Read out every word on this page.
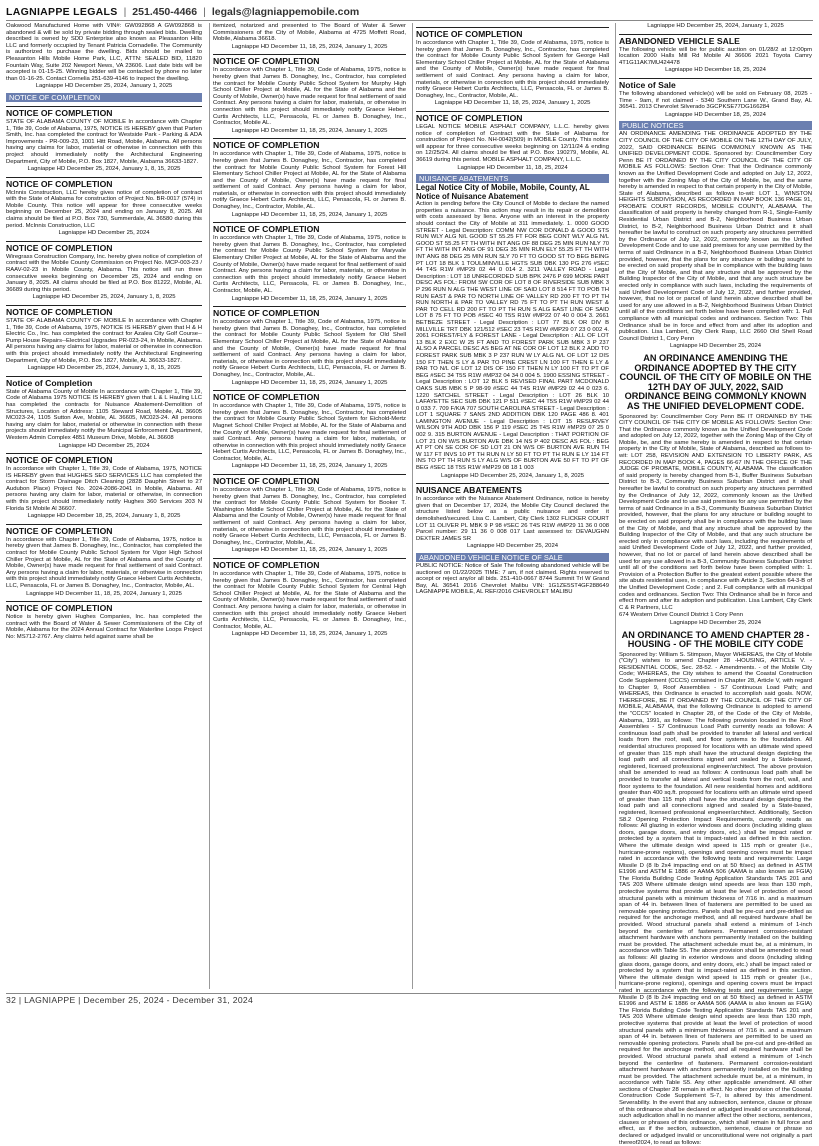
LAGNIAPPE LEGALS | 251.450-4466 | legals@lagniappemobile.com

Oakwood Manufactured Home with VIN#: GW092868 A GW092868 is abandoned & will be sold by private bidding through sealed bids. Dwelling described is owned by SDD Enterprise also known as Pleasanton Hills LLC and formerly occupied by Tenant Patricia Cornadelle. The Community is authorized to purchase the dwelling. Bids should be mailed to Pleasanton Hills Mobile Home Park, LLC, ATTN: SEALED BID, 11820 Fountain Way, Suite 202 Newport News, VA 23606. Last date bids will be accepted is 01-15-25. Winning bidder will be contacted by phone no later than 01-16-25. Contact Cornelia 251-639-4146 to inspect the dwelling.

Lagniappe HD December 25, 2024, January 1, 2025

NOTICE OF COMPLETION
NOTICE OF COMPLETION

STATE OF ALABAMA COUNTY OF MOBILE In accordance with Chapter 1, Title 39, Code of Alabama, 1975, NOTICE IS HEREBY given that Parten Smith, Inc. has completed the contract for Westside Park - Parking & ADA Improvements - PR-009-23, 1001 Hitt Road, Mobile, Alabama. All persons having any claims for labor, material or otherwise in connection with this project should immediately notify the Architectural Engineering Department, City of Mobile, P.O. Box 1827, Mobile, Alabama 36633-1827.

Lagniappe HD December 25, 2024, January 1, 8, 15, 2025

NOTICE OF COMPLETION

McInnis Construction, LLC hereby gives notice of completion of contract with the State of Alabama for construction of Project No. BR-0017 (574) in Mobile County. This notice will appear for three consecutive weeks beginning on December 25, 2024 and ending on January 8, 2025. All claims should be filed at P.O. Box 730, Summerdale, AL 36580 during this period. McInnis Construction, LLC

Lagniappe HD December 25, 2024

NOTICE OF COMPLETION

Wiregrass Construction Company, Inc. hereby gives notice of completion of contract with the Mobile County Commission on Project No. MCP-003-23 / RAAV-02-23 in Mobile County, Alabama. This notice will run three consecutive weeks beginning on December 25, 2024 and ending on January 8, 2025. All claims should be filed at P.O. Box 81222, Mobile, AL 36689 during this period.

Lagniappe HD December 25, 2024, January 1, 8, 2025

NOTICE OF COMPLETION

STATE OF ALABAMA COUNTY OF MOBILE In accordance with Chapter 1, Title 39, Code of Alabama, 1975, NOTICE IS HEREBY given that H & H Electric Co., Inc. has completed the contract for Azalea City Golf Course--Pump House Repairs--Electrical Upgrades PR-023-24, in Mobile, Alabama. All persons having any claims for labor, material or otherwise in connection with this project should immediately notify the Architectural Engineering Department, City of Mobile, P.O. Box 1827, Mobile, AL 36633-1827.

Lagniappe HD December 25, 2024, January 1, 8, 15, 2025

Notice of Completion

State of Alabama County of Mobile In accordance with Chapter 1, Title 39, Code of Alabama 1975 NOTICE IS HEREBY given that L & L Hauling LLC has completed the contracts for Nuisance Abatement-Demolition of Structures, Location of Address: 1105 Steward Road, Mobile, AL 36605 MC023-24, 1105 Sutton Ave, Mobile, AL 36605, MC023-24. All persons having any claim for labor, material or otherwise in connection with these projects should immediately notify the Municipal Enforcement Department, Western Admin Complex 4851 Museum Drive, Mobile, AL 36608

Lagniappe HD December 25, 2024

NOTICE OF COMPLETION

In accordance with Chapter 1, Title 39, Code of Alabama, 1975, NOTICE IS HEREBY given that HUGHES SEO SERVICES LLC has completed the contract for Storm Drainage Ditch Cleaning (2828 Dauphin Street to 27 Audubon Place) Project No. 2024-2086-2041 in Mobile, Alabama. All persons having any claim for labor, material or otherwise, in connection with this project should immediately notify Hughes 360 Services 203 N Florida St Mobile Al 36607.

Lagniappe HD December 18, 25, 2024, January 1, 8, 2025

NOTICE OF COMPLETION

In accordance with Chapter 1, Title 39, Code of Alabama, 1975, notice is hereby given that James B. Donaghey, Inc., Contractor, has completed the contract for Mobile County Public School System for Vigor High School Chiller Project at Mobile, AL for the State of Alabama and the County of Mobile, Owner(s) have made request for final settlement of said Contract. Any persons having a claim for labor, materials, or otherwise in connection with this project should immediately notify Graece Hebert Curtis Architects, LLC, Pensacola, FL or James B. Donaghey, Inc., Contractor, Mobile, AL.

Lagniappe HD December 11, 18, 25, 2024, January 1, 2025

NOTICE OF COMPLETION

Notice is hereby given Hughes Companies, Inc. has completed the contract with the Board of Water & Sewer Commissioners of the City of Mobile, Alabama for the 2024 Annual Contract for Waterline Loops Project No: MS712-2767. Any claims held against same shall be

itemized, notarized and presented to The Board of Water & Sewer Commissioners of the City of Mobile, Alabama at 4725 Moffett Road, Mobile, Alabama 36618.

Lagniappe HD December 11, 18, 25, 2024, January 1, 2025

NOTICE OF COMPLETION

In accordance with Chapter 1, Title 39, Code of Alabama, 1975, notice is hereby given that James B. Donaghey, Inc., Contractor, has completed the contract for Mobile County Public School System for Murphy High School Chiller Project at Mobile, AL for the State of Alabama and the County of Mobile, Owner(s) have made request for final settlement of said Contract. Any persons having a claim for labor, materials, or otherwise in connection with this project should immediately notify Graece Hebert Curtis Architects, LLC, Pensacola, FL or James B. Donaghey, Inc., Contractor, Mobile AL.

Lagniappe HD December 11, 18, 25, 2024, January 1, 2025

NOTICE OF COMPLETION

In accordance with Chapter 1, Title 39, Code of Alabama, 1975, notice is hereby given that James B. Donaghey, Inc., Contractor, has completed the contract for Mobile County Public School System for Forest Hill Elementary School Chiller Project at Mobile, AL for the State of Alabama and the County of Mobile, Owner(s) have made request for final settlement of said Contract. Any persons having a claim for labor, materials, or otherwise in connection with this project should immediately notify Graece Hebert Curtis Architects, LLC, Pensacola, FL or James B. Donaghey, Inc., Contractor, Mobile, AL.

Lagniappe HD December 11, 18, 25, 2024, January 1, 2025

NOTICE OF COMPLETION

In accordance with Chapter 1, Title 39, Code of Alabama, 1975, notice is hereby given that James B. Donaghey, Inc., Contractor, has completed the contract for Mobile County Public School System for Maryvale Elementary Chiller Project at Mobile, AL for the State of Alabama and the County of Mobile, Owner(s) have made request for final settlement of said Contract. Any persons having a claim for labor, materials, or otherwise in connection with this project should immediately notify Graece Hebert Curtis Architects, LLC, Pensacola, FL or James B. Donaghey, Inc., Contractor, Mobile, AL.

Lagniappe HD December 11, 18, 25, 2024, January 1, 2025

NOTICE OF COMPLETION

In accordance with Chapter 1, Title 39, Code of Alabama, 1975, notice is hereby given that James B. Donaghey, Inc., Contractor, has completed the contract for Mobile County Public School System for Old Shell Elementary School Chiller Project at Mobile, AL for the State of Alabama and the County of Mobile, Owner(s) have made request for final settlement of said Contract. Any persons having a claim for labor, materials, or otherwise in connection with this project should immediately notify Graece Hebert Curtis Architects, LLC, Pensacola, FL or James B. Donaghey, Inc., Contractor, Mobile, AL.

Lagniappe HD December 11, 18, 25, 2024, January 1, 2025

NOTICE OF COMPLETION

In accordance with Chapter 1, Title 39, Code of Alabama, 1975, notice is hereby given that James B. Donaghey, Inc., Contractor, has completed the contract for Mobile County Public School System for Eichold-Mertz Magnet School Chiller Project at Mobile, AL for the State of Alabama and the County of Mobile, Owner(s) have made request for final settlement of said Contract. Any persons having a claim for labor, materials, or otherwise in connection with this project should immediately notify Graece Hebert Curtis Architects, LLC, Pensacola, FL or James B. Donaghey, Inc., Contractor, Mobile, AL.

Lagniappe HD December 11, 18, 25, 2024, January 1, 2025

NOTICE OF COMPLETION

In accordance with Chapter 1, Title 39, Code of Alabama, 1975, notice is hereby given that James B. Donaghey, Inc., Contractor, has completed the contract for Mobile County Public School System for Booker T. Washington Middle School Chiller Project at Mobile, AL for the State of Alabama and the County of Mobile, Owner(s) have made request for final settlement of said Contract. Any persons having a claim for labor, materials, or otherwise in connection with this project should immediately notify Graece Hebert Curtis Architects, LLC, Pensacola, FL or James B. Donaghey, Inc., Contractor, Mobile, AL.

Lagniappe HD December 11, 18, 25, 2024, January 1, 2025

NOTICE OF COMPLETION

In accordance with Chapter 1, Title 39, Code of Alabama, 1975, notice is hereby given that James B. Donaghey, Inc., Contractor, has completed the contract for Mobile County Public School System for Central High School Chiller Project at Mobile, AL for the State of Alabama and the County of Mobile, Owner(s) have made request for final settlement of said Contract. Any persons having a claim for labor, materials, or otherwise in connection with this project should immediately notify Graece Hebert Curtis Architects, LLC, Pensacola, FL or James B. Donaghey, Inc., Contractor, Mobile, AL.

Lagniappe HD December 11, 18, 25, 2024, January 1, 2025

NOTICE OF COMPLETION

In accordance with Chapter 1, Title 39, Code of Alabama, 1975, notice is hereby given that James B. Donaghey, Inc., Contractor, has completed the contract for Mobile County Public School System for George Hall Elementary School Chiller Project at Mobile, AL for the State of Alabama and the County of Mobile, Owner(s) have made request for final settlement of said Contract. Any persons having a claim for labor, materials, or otherwise in connection with this project should immediately notify Graece Hebert Curtis Architects, LLC, Pensacola, FL or James B. Donaghey, Inc., Contractor, Mobile, AL.

Lagniappe HD December 11, 18, 25, 2024, January 1, 2025

NOTICE OF COMPLETION

LEGAL NOTICE MOBILE ASPHALT COMPANY, L.L.C. hereby gives notice of completion of Contract with the State of Alabama for construction of Project No. NH-0042(509) in MOBILE County. This notice will appear for three consecutive weeks beginning on 12/11/24 & ending on 12/25/24. All claims should be filed at P.O. Box 190279, Mobile, AL 36619 during this period. MOBILE ASPHALT COMPANY, L.L.C.

Lagniappe HD December 11, 18, 25, 2024

NUISANCE ABATEMENTS
Legal Notice City of Mobile, Mobile, County, AL Notice of Nuisance Abatement

Action is pending before the City Council of Mobile to declare the named properties a nuisance. This action may result in its repair or demolition with costs assessed by liens. Anyone with an interest in the property should contact the City of Mobile at 311 immediately. 1. 0000 GOOD STREET - Legal Description: COMM NW COR DONALD & GOOD STS RUN WLY ALG N/L GOOD ST 55.25 FT FOR BEG CONT WLY ALG N/L GOOD ST 55.25 FT TH WITH INT ANG OF 88 DEG 25 MIN RUN NLY 70 FT TH WITH INT ANG OF 91 DEG 35 MIN RUN ELY 55.25 FT TH WITH INT ANG 88 DEG 25 MIN RUN SLY 70 FT TO GOOD ST TO BEG BEING PT LOT 18 BLK 1 TOULMINVILLE HGTS SUB DBK 130 PG 276 #SEC 44 T4S R1W #MP29 02 44 0 014 2. 3211 VALLEY ROAD - Legal Description : LOT 18 UNRECORDED SUB BPK 2476 P 699 MORE PART DESC AS FOL: FROM SW COR OF LOT 8 OF RIVERSIDE SUB MBK 3 P 296 RUN N ALG THE WEST LINE OF SAID LOT 8 514 FT TO POB TH RUN EAST & PAR TO NORTH LINE OF VALLEY RD 200 FT TO PT TH RUN NORTH & PAR TO VALLEY RD 75 FT TO PT TH RUN WEST & PAR TO CELL RD 200 FT TO PT TH RUN S ALG EAST LINE OF SAID LOT 8 75 FT TO POB #SEC 40 T5S R1W #MP22 07 40 0 004 3. 2661 BETBEZE STREET - Legal Description : LOT 77 BLK OR DIV B MILLVILLE TRT DBK 121/512 #SEC 23 T4S R1W #MP29 07 23 0 002 4. 2061 FOREST/FLY & FOREST LANE - Legal Description : ALL OF LOT 13 BLK 2 EXC W 25 FT AND TO FOREST PARK SUB MBK 3 P 237 ALSO A PARCEL DESC AS BEG AT NE COR OF LOT 12 BLK 2 ADD TO FOREST PARK SUB MBK 3 P 237 RUN W LY ALG N/L OF LOT 12 DIS 150 FT THEN S LY & PAR TO PINE CREST LN 100 FT THEN E LY & PAR TO N/L OF LOT 12 DIS OF 150 FT THEN N LY 100 FT TO PT OF BEG #SEC 34 T5S R1W #MP32 04 34 0 004 5. 1900 ESSING STREET - Legal Description : LOT 12 BLK 5 REVISED FINAL PART MCDONALD OAKS SUB MBK 5 P 98-99 #SEC 44 T4S R1W #MP29 02 44 0 023 6. 1220 SATCHEL STREET - Legal Description : LOT 26 BLK 10 LAFAYETTE SEC SUB DBK 121 P 511 #SEC 44 T5S R1W #MP29 02 44 0 033 7. 709 F/K/A 707 SOUTH CAROLINA STREET - Legal Description : LOT 1 SQUARE 7 SANS 2ND ADDITION DBK 120 PAGE 486 8. 401 LAMINGTON AVENUE - Legal Description : LOT 15 RESURVEY WILSON 9TH ADD DBK 156 P 119 #SEC 25 T4S R1W #MP29 07 25 0 002 9. 315 BURTON AVENUE - Legal Description : THAT PORTION OF LOT 21 ON W/S BURTON AVE DBK 14 NS P 402 DESC AS FOL : BEG AT PT ON SE COR OF SD LOT 21 ON W/S OF BURTON AVE RUN TH W 117 FT INVS 10 PT TH RUN N LY 50 FT TO PT TH RUN E LY 114 FT INS TO PT TH RUN S LY ALG W/S OF BURTON AVE 50 FT TO PT OF BEG #SEC 18 T5S R1W #MP29 08 18 1 003

Lagniappe HD December 25, 2024, January 1, 8, 2025

NUISANCE ABATEMENTS

In accordance with the Nuisance Abatement Ordinance, notice is hereby given that on December 17, 2024, the Mobile City Council declared the structure listed below as a public nuisance and order it demolished/secured. Lisa C. Lambert, City Clerk 1302 FLICKER COURT LOT 11 OLIVER PL MBK 9 P 98 #SEC 26 T4S R1W #MP29 11 36 0 008 Parcel number: 29 11 36 0 008 017 Last assessed to: DEVAUGHN DEXTER JAMES SR

Lagniappe HD December 25, 2024

ABANDONED VEHICLE NOTICE OF SALE

PUBLIC NOTICE: Notice of Sale The following abandoned vehicle will be auctioned on 01/22/2025 TIME: 7 am, if not claimed. Rights reserved to accept or reject any/or all bids. 251-410-0667 8744 Summit Trl W Grand Bay, AL 36541 2016 Chevrolet Malibu VIN: 1G1ZE5ST4GF288649 LAGNIAPPE MOBILE, AL REF/2016 CHEVROLET MALIBU

Lagniappe HD December 25, 2024, January 1, 2025

ABANDONED VEHICLE SALE

The following vehicle will be for public auction on 01/28/2 at 12:00pm location 2000 Halls Mill Rd Mobile Al 36606 2021 Toyota Camry 4T1G11AK7MU424478

Lagniappe HD December 18, 25, 2024

Notice of Sale

The following abandoned vehicle(s) will be sold on February 08, 2025 - Time - 9am, if not claimed - 5340 Southern Lane W., Grand Bay, AL 36541. 2013 Chevrolet Silverado 3GCPKSE77DG166284

Lagniappe HD December 18, 25, 2024

PUBLIC NOTICES

AN ORDINANCE AMENDING THE ORDINANCE ADOPTED BY THE CITY COUNCIL OF THE CITY OF MOBILE ON THE 12TH DAY OF JULY, 2022, SAID ORDINANCE BEING COMMONLY KNOWN AS THE UNIFIED DEVELOPMENT CODE. Sponsored by: Councilmember Cory Penn BE IT ORDAINED BY THE CITY COUNCIL OF THE CITY OF MOBILE AS FOLLOWS: Section One: That the Ordinance commonly known as the Unified Development Code and adopted on July 12, 2022, together with the Zoning Map of the City of Mobile, be, and the same hereby is amended in respect to that certain property in the City of Mobile, State of Alabama, described as follows to-wit: LOT 1, WINSTON HEIGHTS SUBDIVISION, AS RECORDED IN MAP BOOK 136 PAGE 91, PROBATE COURT RECORDS, MOBILE COUNTY, ALABAMA. The classification of said property is hereby changed from R-1, Single-Family Residential Urban District and B-2, Neighborhood Business Urban District, to B-2, Neighborhood Business Urban District and it shall hereafter be lawful to construct on such property any structures permitted by the Ordinance of July 12, 2022, commonly known as the Unified Development Code and to use said premises for any use permitted by the terms of said Ordinance in a B-2, Neighborhood Business Urban District provided, however, that the plans for any structure or building sought to be erected on said property shall be in compliance with the building laws of the City of Mobile, and that any structure shall be approved by the Building Inspector of the City of Mobile, and that any such structure be erected only in compliance with such laws, including the requirements of said Unified Development Code of July 12, 2022, and further provided, however, that no lot or parcel of land herein above described shall be used for any use allowed in a B-2, Neighborhood Business Urban District until all of the conditions set forth below have been complied with: 1. Full compliance with all municipal codes and ordinances. Section Two: This Ordinance shall be in force and effect from and after its adoption and publication. Lisa Lambert, City Clerk Rasp, LLC 2660 Old Shell Road Council District 1, Cory Penn

Lagniappe HD December 25, 2024

AN ORDINANCE AMENDING THE ORDINANCE ADOPTED BY THE CITY COUNCIL OF THE CITY OF MOBILE ON THE 12TH DAY OF JULY, 2022, SAID ORDINANCE BEING COMMONLY KNOWN AS THE UNIFIED DEVELOPMENT CODE.

Sponsored by: Councilmember Cory Penn BE IT ORDAINED BY THE CITY COUNCIL OF THE CITY OF MOBILE AS FOLLOWS: Section One: That the Ordinance commonly known as the Unified Development Code and adopted on July 12, 2022, together with the Zoning Map of the City of Mobile, be, and the same hereby is amended in respect to that certain property in the City of Mobile, State of Alabama, described as follows to-wit: LOT 258, REVISION AND EXTENSION TO LIBERTY PARK, AS RECORDED IN MAP BOOK 4, PAGES 66-67 IN THE OFFICE OF THE JUDGE OF PROBATE, MOBILE COUNTY, ALABAMA. The classification of said property is hereby changed from B-1, Buffer Business Suburban District to B-3, Community Business Suburban District and it shall hereafter be lawful to construct on such property any structures permitted by the Ordinance of July 12, 2022, commonly known as the Unified Development Code and to use said premises for any use permitted by the terms of said Ordinance in a B-3, Community Business Suburban District provided, however, that the plans for any structure or building sought to be erected on said property shall be in compliance with the building laws of the City of Mobile, and that any structure shall be approved by the Building Inspector of the City of Mobile, and that any such structure be erected only in compliance with such laws, including the requirements of said Unified Development Code of July 12, 2022, and further provided, however, that no lot or parcel of land herein above described shall be used for any use allowed in a B-3, Community Business Suburban District until all of the conditions set forth below have been complied with: 1. Provision of a Protection Buffer to the greatest extent possible where the site abuts residential uses, in compliance with Article 3, Section 64-3-B of the Unified Development Code ; and 2. Full compliance with all municipal codes and ordinances. Section Two: This Ordinance shall be in force and effect from and after its adoption and publication. Lisa Lambert, City Clerk C & R Partners, LLC

674 Western Drive Council District 1 Cory Penn

Lagniappe HD December 25, 2024

AN ORDINANCE TO AMEND CHAPTER 28 - HOUSING - OF THE MOBILE CITY CODE

Sponsored by: William S. Stimpson, Mayor WHEREAS, the City of Mobile ("City") wishes to amend Chapter 28 -HOUSING, ARTICLE V. - RESIDENTIAL CODE, Sec. 28-52. - Amendments. - of the Mobile City Code; WHEREAS, the City wishes to amend the Coastal Construction Code Supplement (CCCS) contained in Chapter 28, Article V, with regard to Chapter 9, Roof Assemblies - S7 Continuous Load Path; and WHEREAS, this Ordinance is enacted to accomplish said goals. NOW, THEREFORE, BE IT ORDAINED BY THE COUNCIL OF THE CITY OF MOBILE, ALABAMA, that the following Ordinance is adopted to amend the "CCCS" located in Chapter 28, of the Code of the City of Mobile, Alabama, 1991, as follows: The following provision located in the Roof Assemblies - S7 Continuous Load Path currently reads as follows: A continuous load path shall be provided to transfer all lateral and vertical loads from the roof, wall, and floor systems to the foundation. All residential structures proposed for locations with an ultimate wind speed of greater than 115 mph shall have the structural design depicting the load path and all connections signed and sealed by a State-based, registered, licensed professional engineer/architect. The above provision shall be amended to read as follows: A continuous load path shall be provided to transfer all lateral and vertical loads from the roof, wall, and floor systems to the foundation. All new residential homes and additions greater than 400 sq.ft. proposed for locations with an ultimate wind speed of greater than 115 mph shall have the structural design depicting the load path and all connections signed and sealed by a State-based, registered, licensed professional engineer/architect. Additionally, Section S8.2 Opening Protection Impact Requirements, currently reads as follows: All glazing in exterior windows and doors (including sliding glass doors, garage doors, and entry doors, etc.) shall be impact rated or protected by a system that is impact-rated as defined in this section. Where the ultimate design wind speed is 115 mph or greater (i.e., hurricane-prone regions), openings and opening covers must be impact rated in accordance with the following tests and requirements: Large Missile D (8 lb 2x4 impacting end on at 50 ft/sec) as defined in ASTM E1996 and ASTM E 1886 or AAMA 506 (AAMA is also known as FGIA) The Florida Building Code Testing Application Standards TAS 201 and TAS 203 Where ultimate design wind speeds are less than 130 mph, protective systems that provide at least the level of protection of wood structural panels with a minimum thickness of 7/16 in. and a maximum span of 44 in. between lines of fasteners are permitted to be used as removable opening protectors. Panels shall be pre-cut and pre-drilled as required for the anchorage method, and all required hardware shall be provided. Wood structural panels shall extend a minimum of 1-inch beyond the centerline of fasteners. Permanent corrosion-resistant attachment hardware with anchors permanently installed on the building must be provided. The attachment schedule must be, at a minimum, in accordance with Table S5. The above provision shall be amended to read as follows: All glazing in exterior windows and doors (including sliding glass doors, garage doors, and entry doors, etc.) shall be impact rated or protected by a system that is impact-rated as defined in this section. Where the ultimate design wind speed is 115 mph or greater (i.e., hurricane-prone regions), openings and opening covers must be impact rated in accordance with the following tests and requirements: Large Missile D (8 lb 2x4 impacting end on at 50 ft/sec) as defined in ASTM E1996 and ASTM E 1886 or AAMA 506 (AAMA is also known as FGIA) The Florida Building Code Testing Application Standards TAS 201 and TAS 203 Where ultimate design wind speeds are less than 130 mph, protective systems that provide at least the level of protection of wood structural panels with a minimum thickness of 7/16 in. and a maximum span of 44 in. between lines of fasteners are permitted to be used as removable opening protectors. Panels shall be pre-cut and pre-drilled as required for the anchorage method, and all required hardware shall be provided. Wood structural panels shall extend a minimum of 1-inch beyond the centerline of fasteners. Permanent corrosion-resistant attachment hardware with anchors permanently installed on the building must be provided. The attachment schedule must be, at a minimum, in accordance with Table S5. Any other applicable amendment. All other sections of Chapter 28 remain in effect. No other provision of the Coastal Construction Code Supplement S-7, is altered by this amendment. Severability. In the event that any subsection, sentence, clause or phrase of this ordinance shall be declared or adjudged invalid or unconstitutional, such adjudication shall in no manner affect the other sections, sentences, clauses or phrases of this ordinance, which shall remain in full force and effect, as if the section, subsection, sentence, clause or phrase so declared or adjudged invalid or unconstitutional were not originally a part thereof2024, to read as follows:

32 | LAGNIAPPE | December 25, 2024 - December 31, 2024
